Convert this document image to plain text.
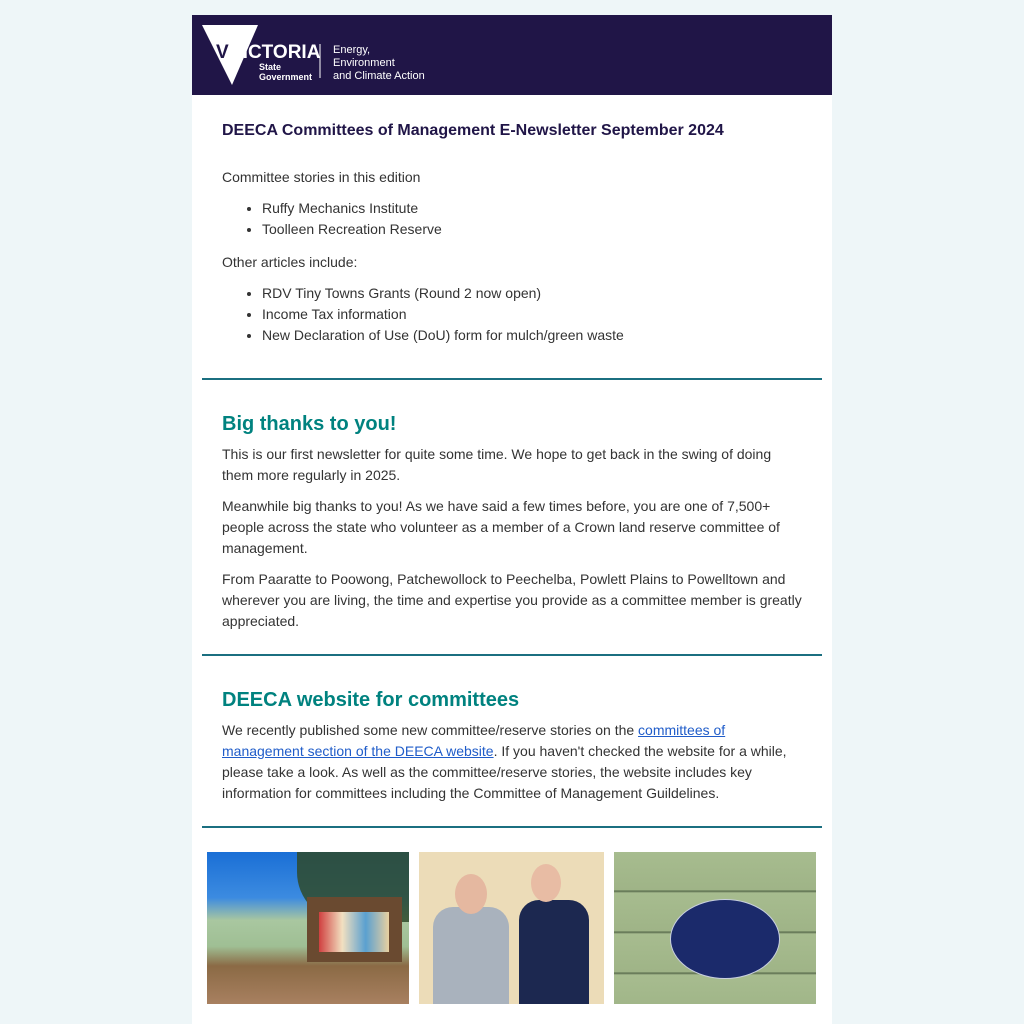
V VICTORIA
State
Government
Energy,
Environment
and Climate Action
DEECA Committees of Management E-Newsletter September 2024

Committee stories in this edition

• Ruffy Mechanics Institute
• Toolleen Recreation Reserve

Other articles include:

• RDV Tiny Towns Grants (Round 2 now open)
• Income Tax information
• New Declaration of Use (DoU) form for mulch/green waste
Big thanks to you!

This is our first newsletter for quite some time. We hope to get back in the swing of doing them more regularly in 2025.

Meanwhile big thanks to you! As we have said a few times before, you are one of 7,500+ people across the state who volunteer as a member of a Crown land reserve committee of management.

From Paaratte to Poowong, Patchewollock to Peechelba, Powlett Plains to Powelltown and wherever you are living, the time and expertise you provide as a committee member is greatly appreciated.

DEECA website for committees

We recently published some new committee/reserve stories on the committees of management section of the DEECA website. If you haven't checked the website for a while, please take a look. As well as the committee/reserve stories, the website includes key information for committees including the Committee of Management Guildelines.
